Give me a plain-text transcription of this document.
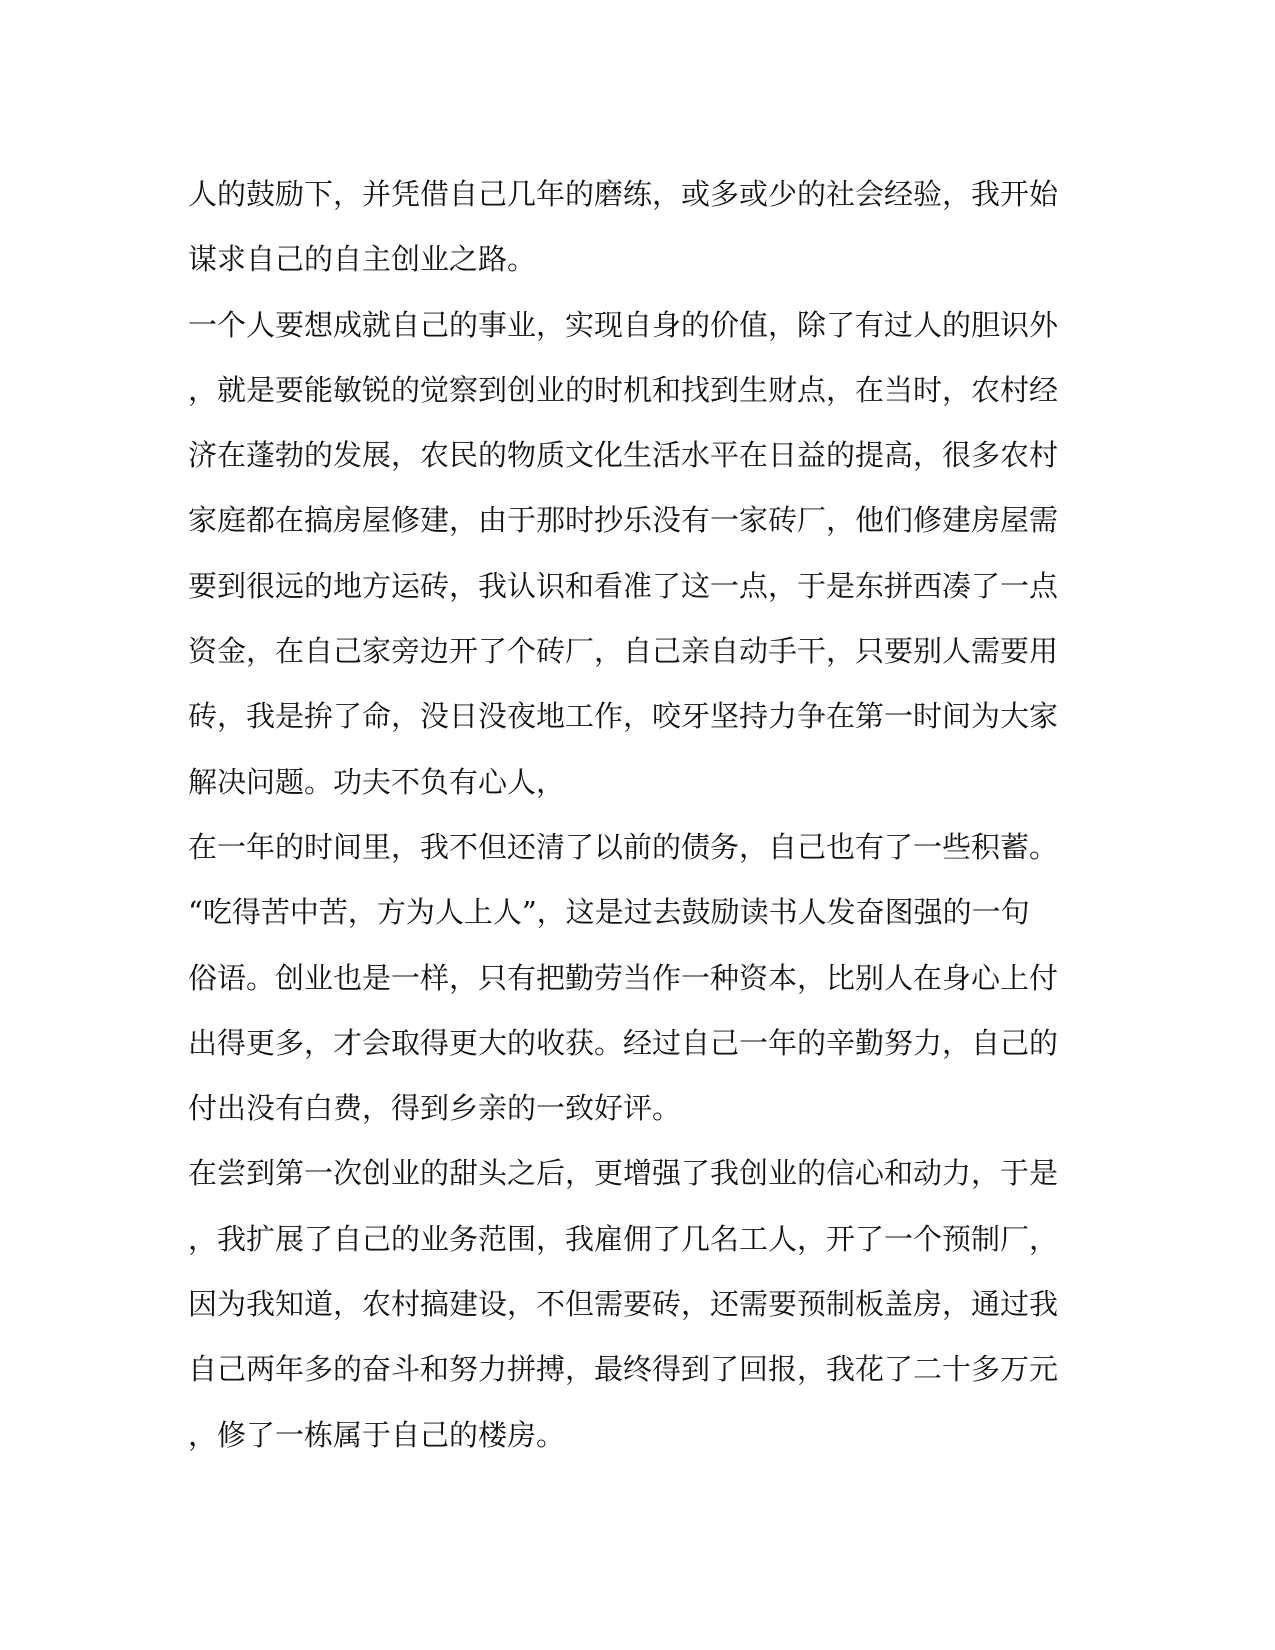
人的鼓励下，并凭借自己几年的磨练，或多或少的社会经验，我开始
谋求自己的自主创业之路。
一个人要想成就自己的事业，实现自身的价值，除了有过人的胆识外
，就是要能敏锐的觉察到创业的时机和找到生财点，在当时，农村经
济在蓬勃的发展，农民的物质文化生活水平在日益的提高，很多农村
家庭都在搞房屋修建，由于那时抄乐没有一家砖厂，他们修建房屋需
要到很远的地方运砖，我认识和看准了这一点，于是东拼西凑了一点
资金，在自己家旁边开了个砖厂，自己亲自动手干，只要别人需要用
砖，我是拚了命，没日没夜地工作，咬牙坚持力争在第一时间为大家
解决问题。功夫不负有心人，
在一年的时间里，我不但还清了以前的债务，自己也有了一些积蓄。
“吃得苦中苦，方为人上人”，这是过去鼓励读书人发奋图强的一句
俗语。创业也是一样，只有把勤劳当作一种资本，比别人在身心上付
出得更多，才会取得更大的收获。经过自己一年的辛勤努力，自己的
付出没有白费，得到乡亲的一致好评。
在尝到第一次创业的甜头之后，更增强了我创业的信心和动力，于是
，我扩展了自己的业务范围，我雇佣了几名工人，开了一个预制厂，
因为我知道，农村搞建设，不但需要砖，还需要预制板盖房，通过我
自己两年多的奋斗和努力拼搏，最终得到了回报，我花了二十多万元
，修了一栋属于自己的楼房。
